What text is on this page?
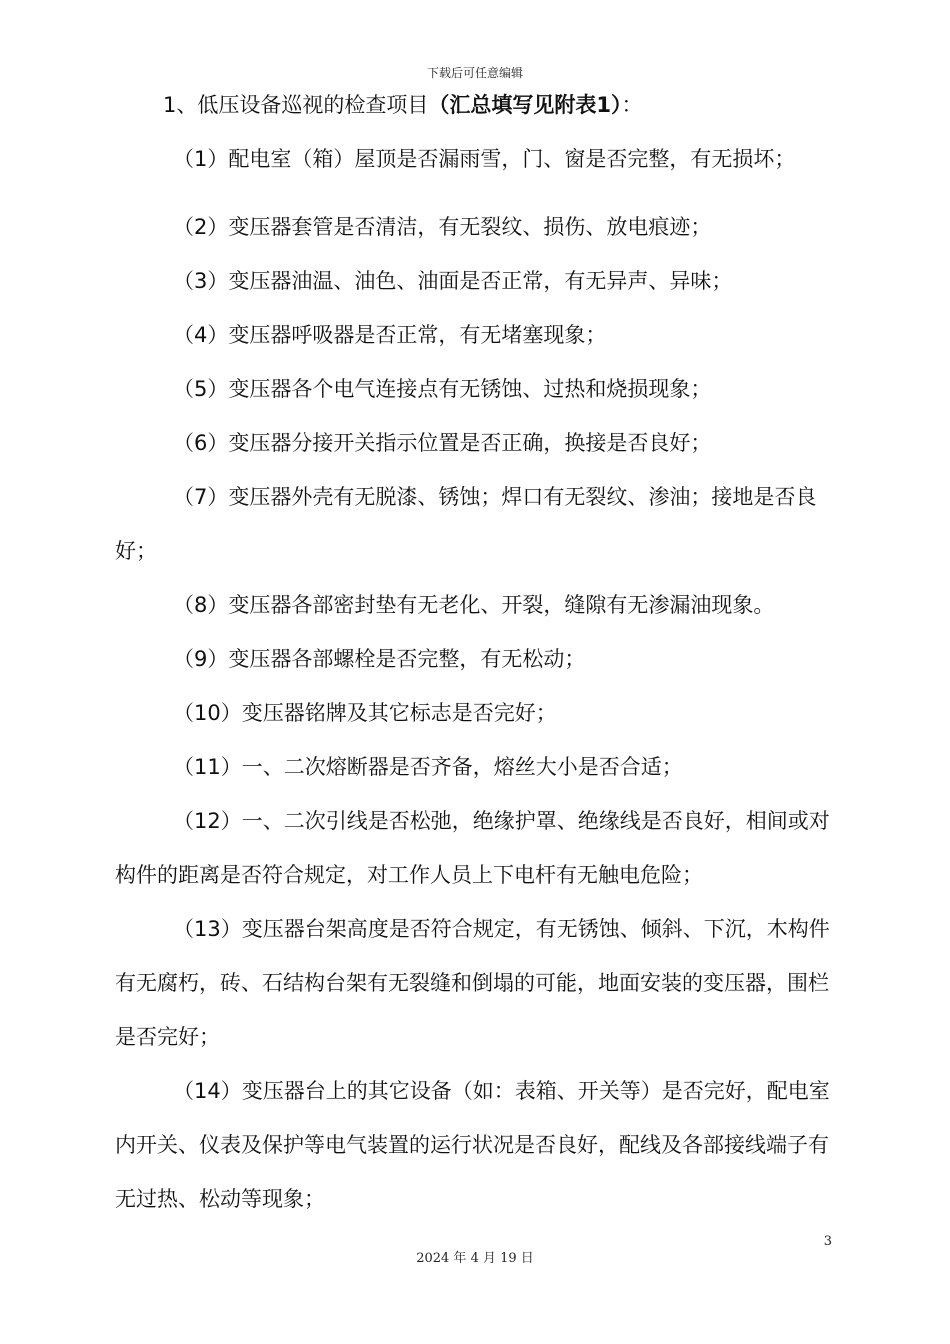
下载后可任意编辑

1、低压设备巡视的检查项目（汇总填写见附表1）：

（1）配电室（箱）屋顶是否漏雨雪，门、窗是否完整，有无损坏；

（2）变压器套管是否清洁，有无裂纹、损伤、放电痕迹；

（3）变压器油温、油色、油面是否正常，有无异声、异味；

（4）变压器呼吸器是否正常，有无堵塞现象；

（5）变压器各个电气连接点有无锈蚀、过热和烧损现象；

（6）变压器分接开关指示位置是否正确，换接是否良好；

（7）变压器外壳有无脱漆、锈蚀；焊口有无裂纹、渗油；接地是否良好；

（8）变压器各部密封垫有无老化、开裂，缝隙有无渗漏油现象。

（9）变压器各部螺栓是否完整，有无松动；

（10）变压器铭牌及其它标志是否完好；

（11）一、二次熔断器是否齐备，熔丝大小是否合适；

（12）一、二次引线是否松弛，绝缘护罩、绝缘线是否良好，相间或对构件的距离是否符合规定，对工作人员上下电杆有无触电危险；

（13）变压器台架高度是否符合规定，有无锈蚀、倾斜、下沉，木构件有无腐朽，砖、石结构台架有无裂缝和倒塌的可能，地面安装的变压器，围栏是否完好；

（14）变压器台上的其它设备（如：表箱、开关等）是否完好，配电室内开关、仪表及保护等电气装置的运行状况是否良好，配线及各部接线端子有无过热、松动等现象；

3
2024 年 4 月 19 日
